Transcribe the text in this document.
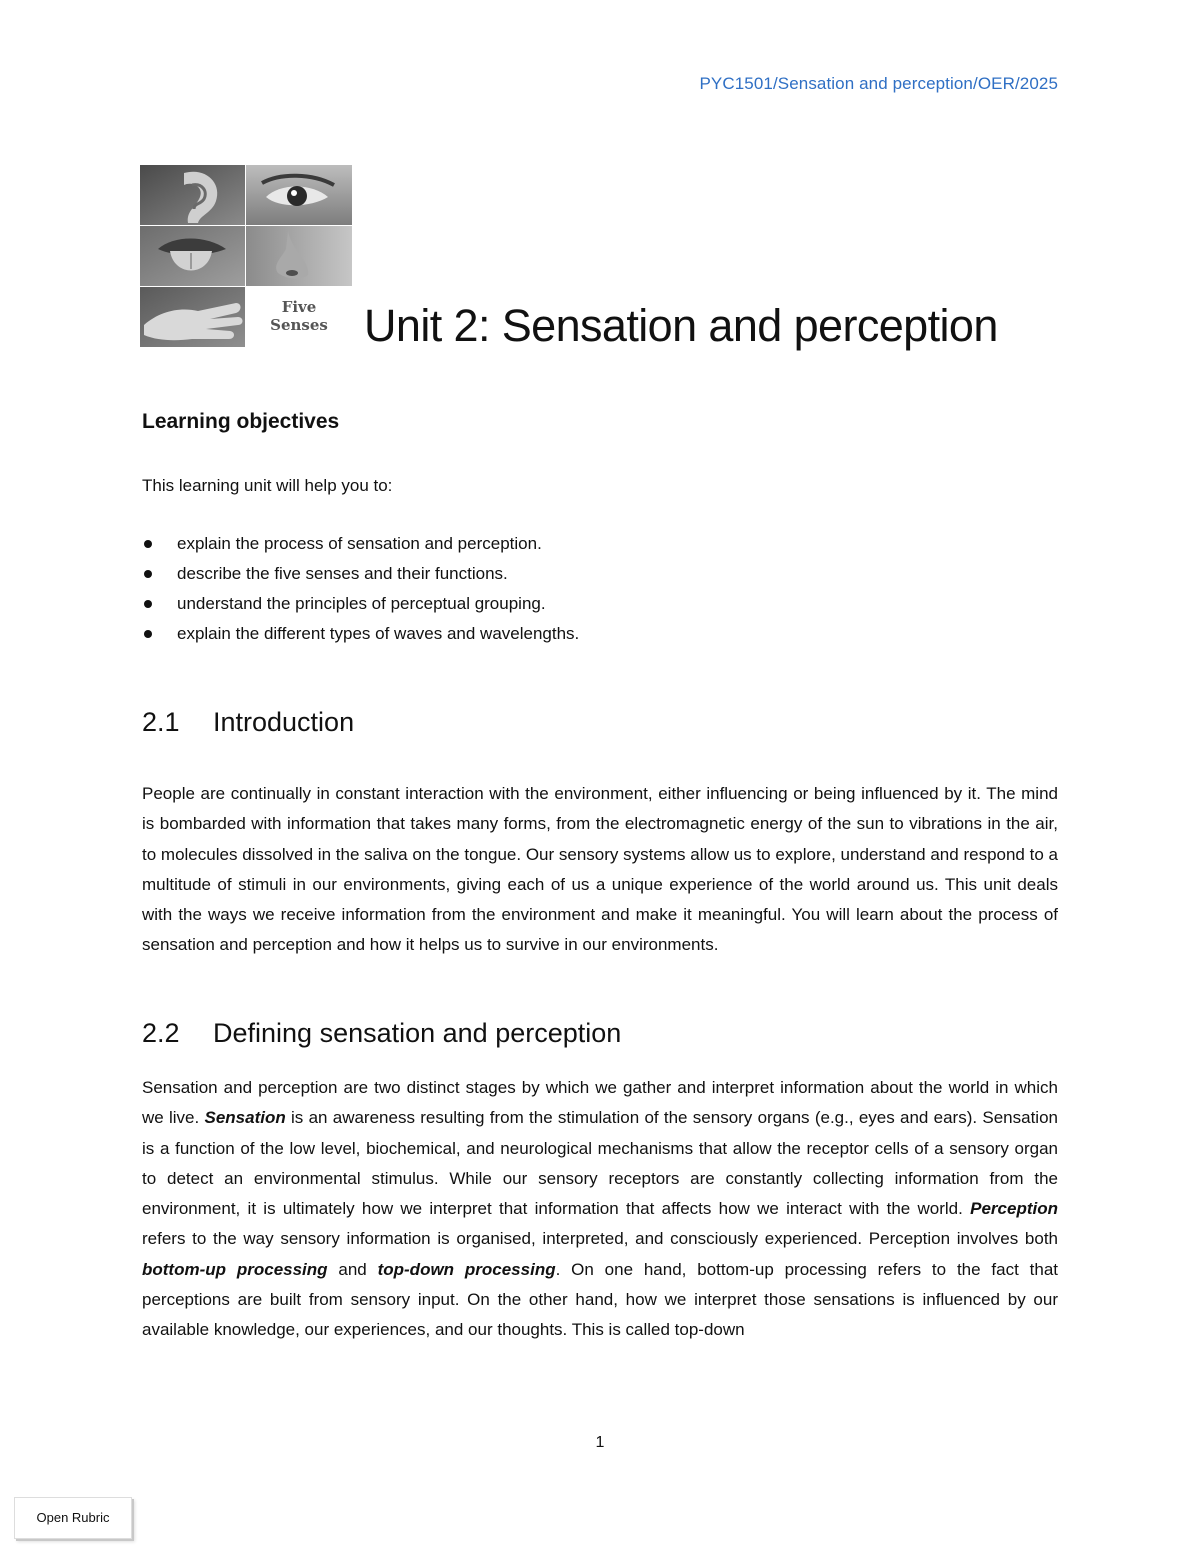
PYC1501/Sensation and perception/OER/2025
Five
Senses Unit 2: Sensation and perception
Learning objectives

This learning unit will help you to:

explain the process of sensation and perception.
describe the five senses and their functions.
understand the principles of perceptual grouping.
explain the different types of waves and wavelengths.
2.1 Introduction

People are continually in constant interaction with the environment, either influencing or being influenced by it. The mind is bombarded with information that takes many forms, from the electromagnetic energy of the sun to vibrations in the air, to molecules dissolved in the saliva on the tongue. Our sensory systems allow us to explore, understand and respond to a multitude of stimuli in our environments, giving each of us a unique experience of the world around us. This unit deals with the ways we receive information from the environment and make it meaningful. You will learn about the process of sensation and perception and how it helps us to survive in our environments.

2.2 Defining sensation and perception

Sensation and perception are two distinct stages by which we gather and interpret information about the world in which we live. Sensation is an awareness resulting from the stimulation of the sensory organs (e.g., eyes and ears). Sensation is a function of the low level, biochemical, and neurological mechanisms that allow the receptor cells of a sensory organ to detect an environmental stimulus. While our sensory receptors are constantly collecting information from the environment, it is ultimately how we interpret that information that affects how we interact with the world. Perception refers to the way sensory information is organised, interpreted, and consciously experienced. Perception involves both bottom-up processing and top-down processing. On one hand, bottom-up processing refers to the fact that perceptions are built from sensory input. On the other hand, how we interpret those sensations is influenced by our available knowledge, our experiences, and our thoughts. This is called top-down

1
Open Rubric
